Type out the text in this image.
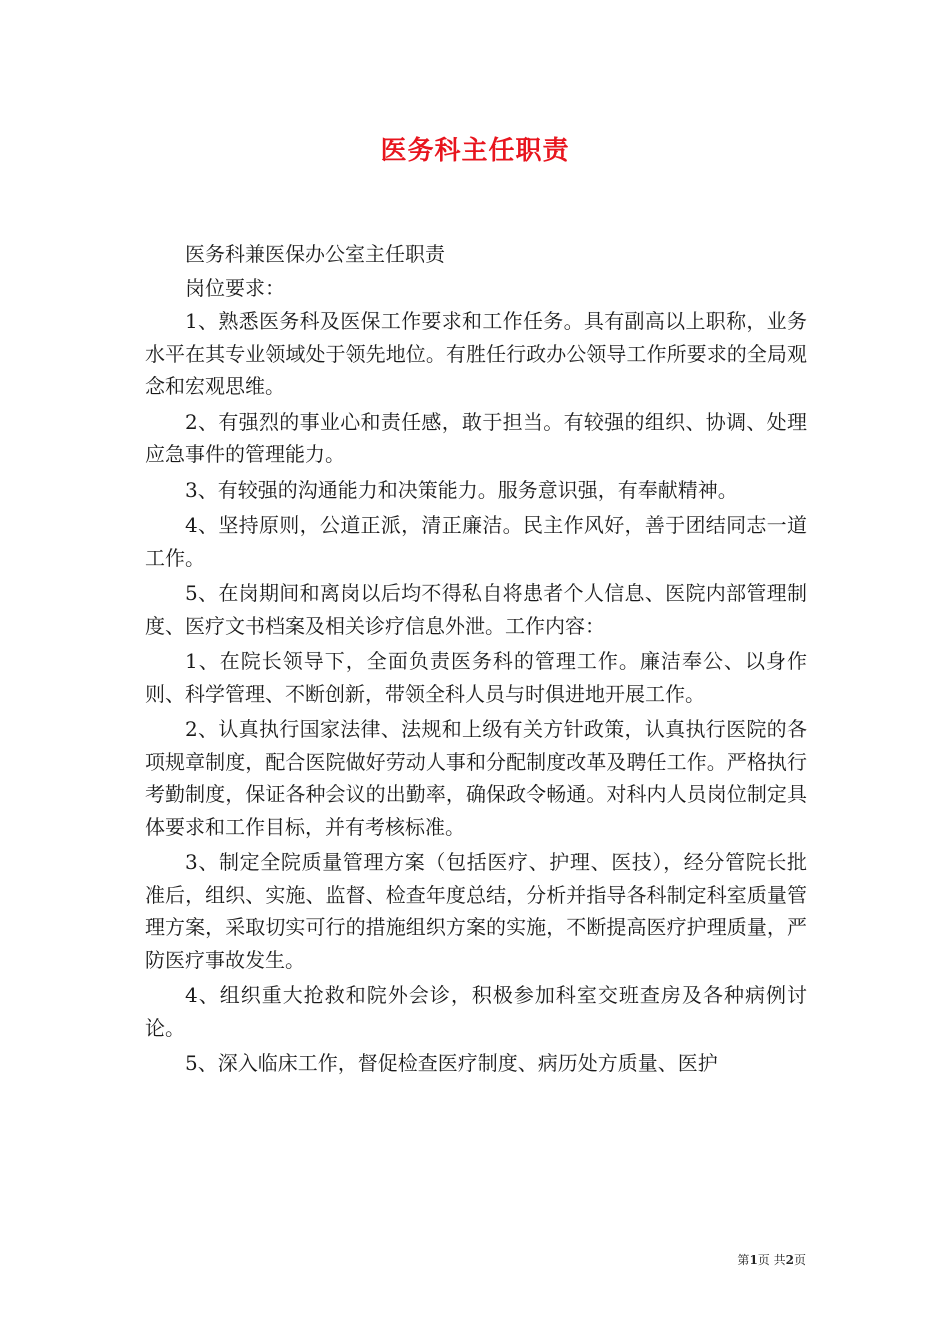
医务科主任职责

医务科兼医保办公室主任职责

岗位要求：

1、熟悉医务科及医保工作要求和工作任务。具有副高以上职称，业务水平在其专业领域处于领先地位。有胜任行政办公领导工作所要求的全局观念和宏观思维。

2、有强烈的事业心和责任感，敢于担当。有较强的组织、协调、处理应急事件的管理能力。

3、有较强的沟通能力和决策能力。服务意识强，有奉献精神。

4、坚持原则，公道正派，清正廉洁。民主作风好，善于团结同志一道工作。

5、在岗期间和离岗以后均不得私自将患者个人信息、医院内部管理制度、医疗文书档案及相关诊疗信息外泄。工作内容：

1、在院长领导下，全面负责医务科的管理工作。廉洁奉公、以身作则、科学管理、不断创新，带领全科人员与时俱进地开展工作。

2、认真执行国家法律、法规和上级有关方针政策，认真执行医院的各项规章制度，配合医院做好劳动人事和分配制度改革及聘任工作。严格执行考勤制度，保证各种会议的出勤率，确保政令畅通。对科内人员岗位制定具体要求和工作目标，并有考核标准。

3、制定全院质量管理方案（包括医疗、护理、医技），经分管院长批准后，组织、实施、监督、检查年度总结，分析并指导各科制定科室质量管理方案，采取切实可行的措施组织方案的实施，不断提高医疗护理质量，严防医疗事故发生。

4、组织重大抢救和院外会诊，积极参加科室交班查房及各种病例讨论。

5、深入临床工作，督促检查医疗制度、病历处方质量、医护

第1页 共2页
